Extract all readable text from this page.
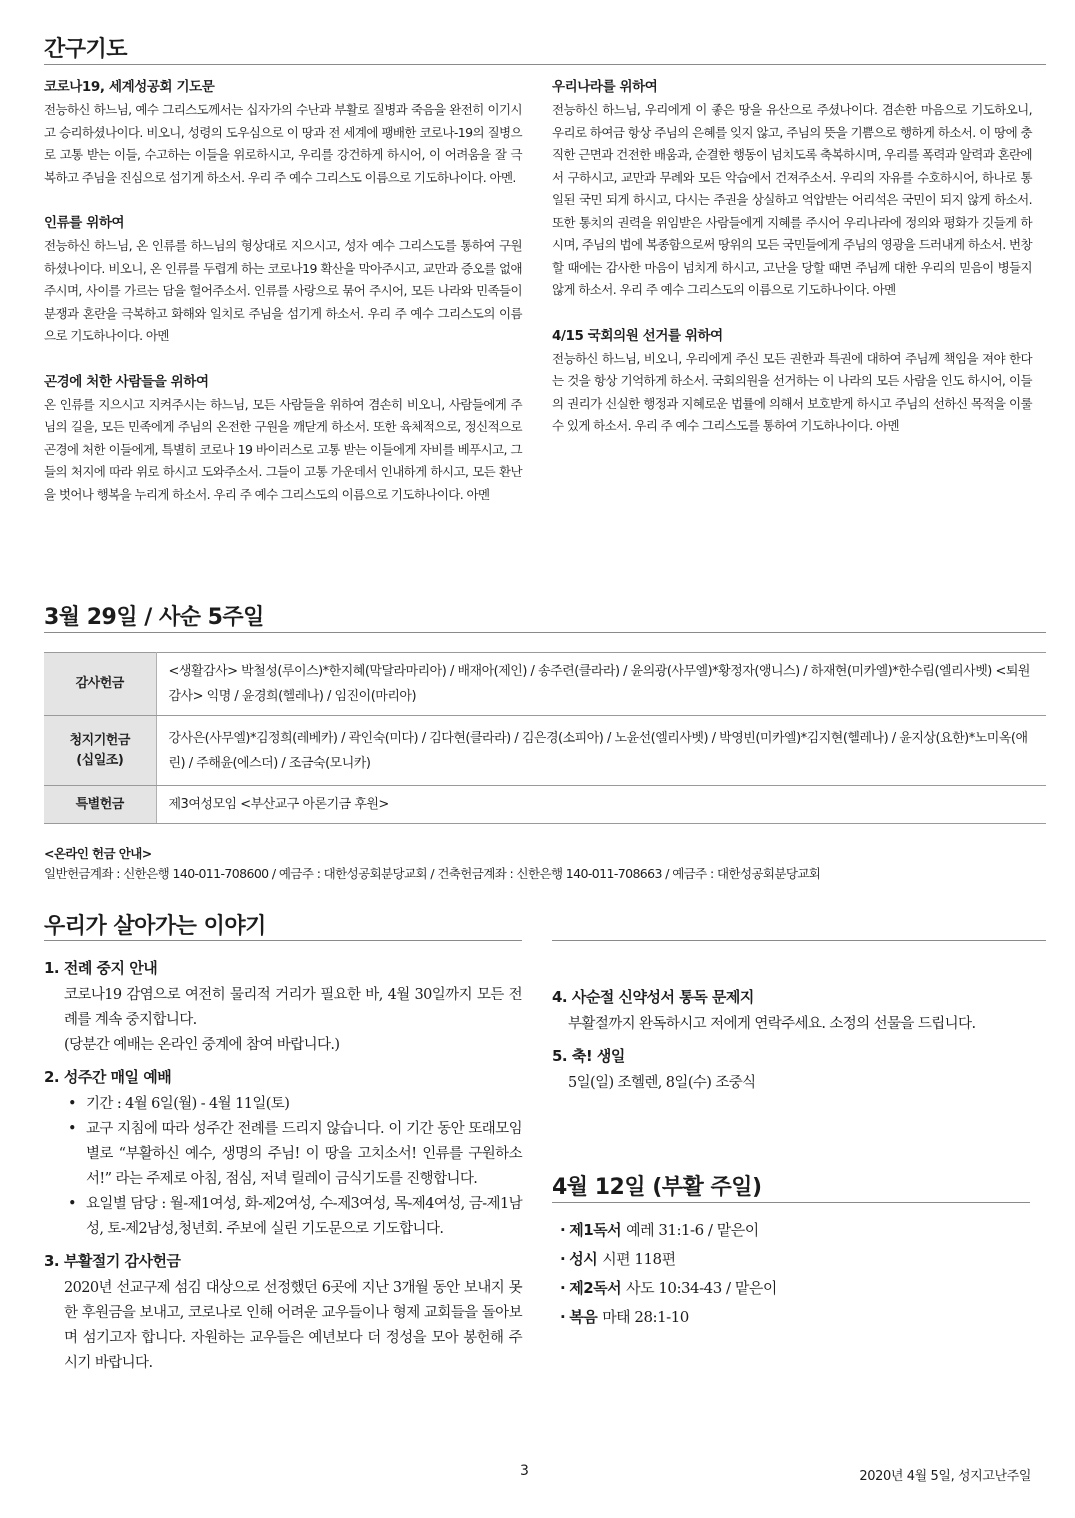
간구기도
코로나19, 세계성공회 기도문
전능하신 하느님, 예수 그리스도께서는 십자가의 수난과 부활로 질병과 죽음을 완전히 이기시고 승리하셨나이다. 비오니, 성령의 도우심으로 이 땅과 전 세계에 팽배한 코로나-19의 질병으로 고통 받는 이들, 수고하는 이들을 위로하시고, 우리를 강건하게 하시어, 이 어려움을 잘 극복하고 주님을 진심으로 섬기게 하소서. 우리 주 예수 그리스도 이름으로 기도하나이다. 아멘.
인류를 위하여
전능하신 하느님, 온 인류를 하느님의 형상대로 지으시고, 성자 예수 그리스도를 통하여 구원하셨나이다. 비오니, 온 인류를 두렵게 하는 코로나19 확산을 막아주시고, 교만과 증오를 없애주시며, 사이를 가르는 담을 헐어주소서. 인류를 사랑으로 묶어 주시어, 모든 나라와 민족들이 분쟁과 혼란을 극복하고 화해와 일치로 주님을 섬기게 하소서. 우리 주 예수 그리스도의 이름으로 기도하나이다. 아멘
곤경에 처한 사람들을 위하여
온 인류를 지으시고 지켜주시는 하느님, 모든 사람들을 위하여 겸손히 비오니, 사람들에게 주님의 길을, 모든 민족에게 주님의 온전한 구원을 깨닫게 하소서. 또한 육체적으로, 정신적으로 곤경에 처한 이들에게, 특별히 코로나 19 바이러스로 고통 받는 이들에게 자비를 베푸시고, 그들의 처지에 따라 위로 하시고 도와주소서. 그들이 고통 가운데서 인내하게 하시고, 모든 환난을 벗어나 행복을 누리게 하소서. 우리 주 예수 그리스도의 이름으로 기도하나이다. 아멘
우리나라를 위하여
전능하신 하느님, 우리에게 이 좋은 땅을 유산으로 주셨나이다. 겸손한 마음으로 기도하오니, 우리로 하여금 항상 주님의 은혜를 잊지 않고, 주님의 뜻을 기쁨으로 행하게 하소서. 이 땅에 충직한 근면과 건전한 배움과, 순결한 행동이 넘치도록 축복하시며, 우리를 폭력과 알력과 혼란에서 구하시고, 교만과 무례와 모든 악습에서 건져주소서. 우리의 자유를 수호하시어, 하나로 통일된 국민 되게 하시고, 다시는 주권을 상실하고 억압받는 어리석은 국민이 되지 않게 하소서. 또한 통치의 권력을 위임받은 사람들에게 지혜를 주시어 우리나라에 정의와 평화가 깃들게 하시며, 주님의 법에 복종함으로써 땅위의 모든 국민들에게 주님의 영광을 드러내게 하소서. 번창할 때에는 감사한 마음이 넘치게 하시고, 고난을 당할 때면 주님께 대한 우리의 믿음이 병들지 않게 하소서. 우리 주 예수 그리스도의 이름으로 기도하나이다. 아멘
4/15 국회의원 선거를 위하여
전능하신 하느님, 비오니, 우리에게 주신 모든 권한과 특권에 대하여 주님께 책임을 져야 한다는 것을 항상 기억하게 하소서. 국회의원을 선거하는 이 나라의 모든 사람을 인도 하시어, 이들의 권리가 신실한 행정과 지혜로운 법률에 의해서 보호받게 하시고 주님의 선하신 목적을 이룰 수 있게 하소서. 우리 주 예수 그리스도를 통하여 기도하나이다. 아멘
3월 29일 / 사순 5주일
감사헌금	<생활감사> 박철성(루이스)*한지혜(막달라마리아) / 배재아(제인) / 송주련(클라라) / 윤의광(사무엘)*황정자(앵니스) / 하재현(미카엘)*한수림(엘리사벳) <퇴원감사> 익명 / 윤경희(헬레나) / 임진이(마리아)

청지기헌금
(십일조)	강사은(사무엘)*김정희(레베카) / 곽인숙(미다) / 김다현(클라라) / 김은경(소피아) / 노윤선(엘리사벳) / 박영빈(미카엘)*김지현(헬레나) / 윤지상(요한)*노미옥(애린) / 주해윤(에스더) / 조금숙(모니카)
특별헌금	제3여성모임 <부산교구 아론기금 후원>
<온라인 헌금 안내>
일반헌금계좌 : 신한은행 140-011-708600 / 예금주 : 대한성공회분당교회 / 건축헌금계좌 : 신한은행 140-011-708663 / 예금주 : 대한성공회분당교회
우리가 살아가는 이야기
1. 전례 중지 안내
코로나19 감염으로 여전히 물리적 거리가 필요한 바, 4월 30일까지 모든 전례를 계속 중지합니다.
(당분간 예배는 온라인 중계에 참여 바랍니다.)
2. 성주간 매일 예배
• 기간 : 4월 6일(월) - 4월 11일(토)
• 교구 지침에 따라 성주간 전례를 드리지 않습니다. 이 기간 동안 또래모임별로 “부활하신 예수, 생명의 주님! 이 땅을 고치소서! 인류를 구원하소서!” 라는 주제로 아침, 점심, 저녁 릴레이 금식기도를 진행합니다.
• 요일별 담당 : 월-제1여성, 화-제2여성, 수-제3여성, 목-제4여성, 금-제1남성, 토-제2남성,청년회. 주보에 실린 기도문으로 기도합니다.
3. 부활절기 감사헌금
2020년 선교구제 섬김 대상으로 선정했던 6곳에 지난 3개월 동안 보내지 못한 후원금을 보내고, 코로나로 인해 어려운 교우들이나 형제 교회들을 돌아보며 섬기고자 합니다. 자원하는 교우들은 예년보다 더 정성을 모아 봉헌해 주시기 바랍니다.
4. 사순절 신약성서 통독 문제지
부활절까지 완독하시고 저에게 연락주세요. 소정의 선물을 드립니다.
5. 축! 생일
5일(일) 조헬렌, 8일(수) 조중식
4월 12일 (부활 주일)
· 제1독서 예레 31:1-6 / 맡은이
· 성시 시편 118편
· 제2독서 사도 10:34-43 / 맡은이
· 복음 마태 28:1-10
3	2020년 4월 5일, 성지고난주일
